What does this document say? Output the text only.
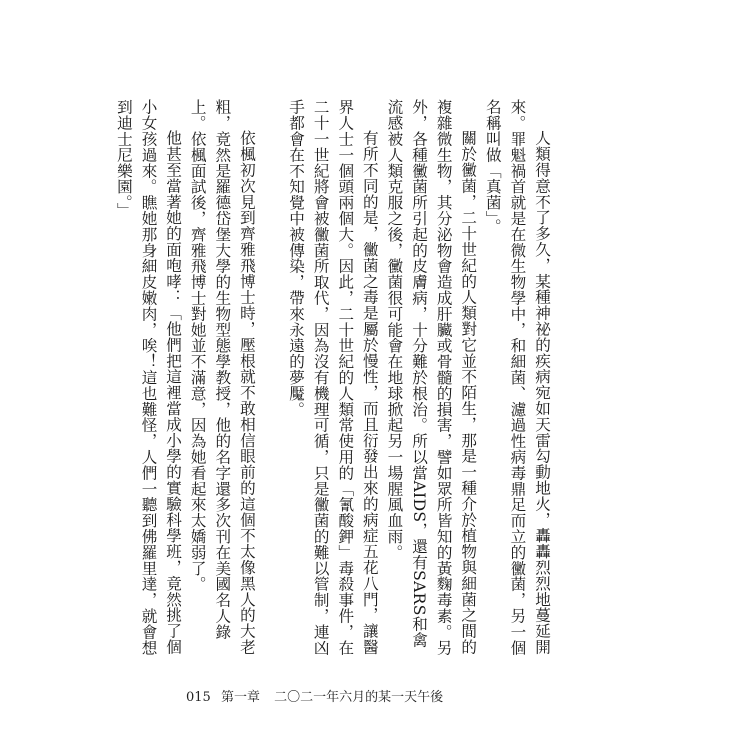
人類得意不了多久，某種神祕的疾病宛如天雷勾動地火，轟轟烈烈地蔓延開來。罪魁禍首就是在微生物學中，和細菌、濾過性病毒鼎足而立的黴菌，另一個名稱叫做「真菌」。

關於黴菌，二十世紀的人類對它並不陌生，那是一種介於植物與細菌之間的複雜微生物，其分泌物會造成肝臟或骨髓的損害，譬如眾所皆知的黃麴毒素。另外，各種黴菌所引起的皮膚病，十分難於根治。所以當AIDS，還有SARS和禽流感被人類克服之後，黴菌很可能會在地球掀起另一場腥風血雨。

有所不同的是，黴菌之毒是屬於慢性，而且衍發出來的病症五花八門，讓醫界人士一個頭兩個大。因此，二十世紀的人類常使用的「氰酸鉀」毒殺事件，在二十一世紀將會被黴菌所取代，因為沒有機理可循，只是黴菌的難以管制，連凶手都會在不知覺中被傳染，帶來永遠的夢魘。

依楓初次見到齊雅飛博士時，壓根就不敢相信眼前的這個不太像黑人的大老粗，竟然是羅德岱堡大學的生物型態學教授，他的名字還多次刊在美國名人錄上。依楓面試後，齊雅飛博士對她並不滿意，因為她看起來太嬌弱了。

他甚至當著她的面咆哮：「他們把這裡當成小學的實驗科學班，竟然挑了個小女孩過來。瞧她那身細皮嫩肉，唉！這也難怪，人們一聽到佛羅里達，就會想到迪士尼樂園。」

015 第一章 二〇二一年六月的某一天午後
